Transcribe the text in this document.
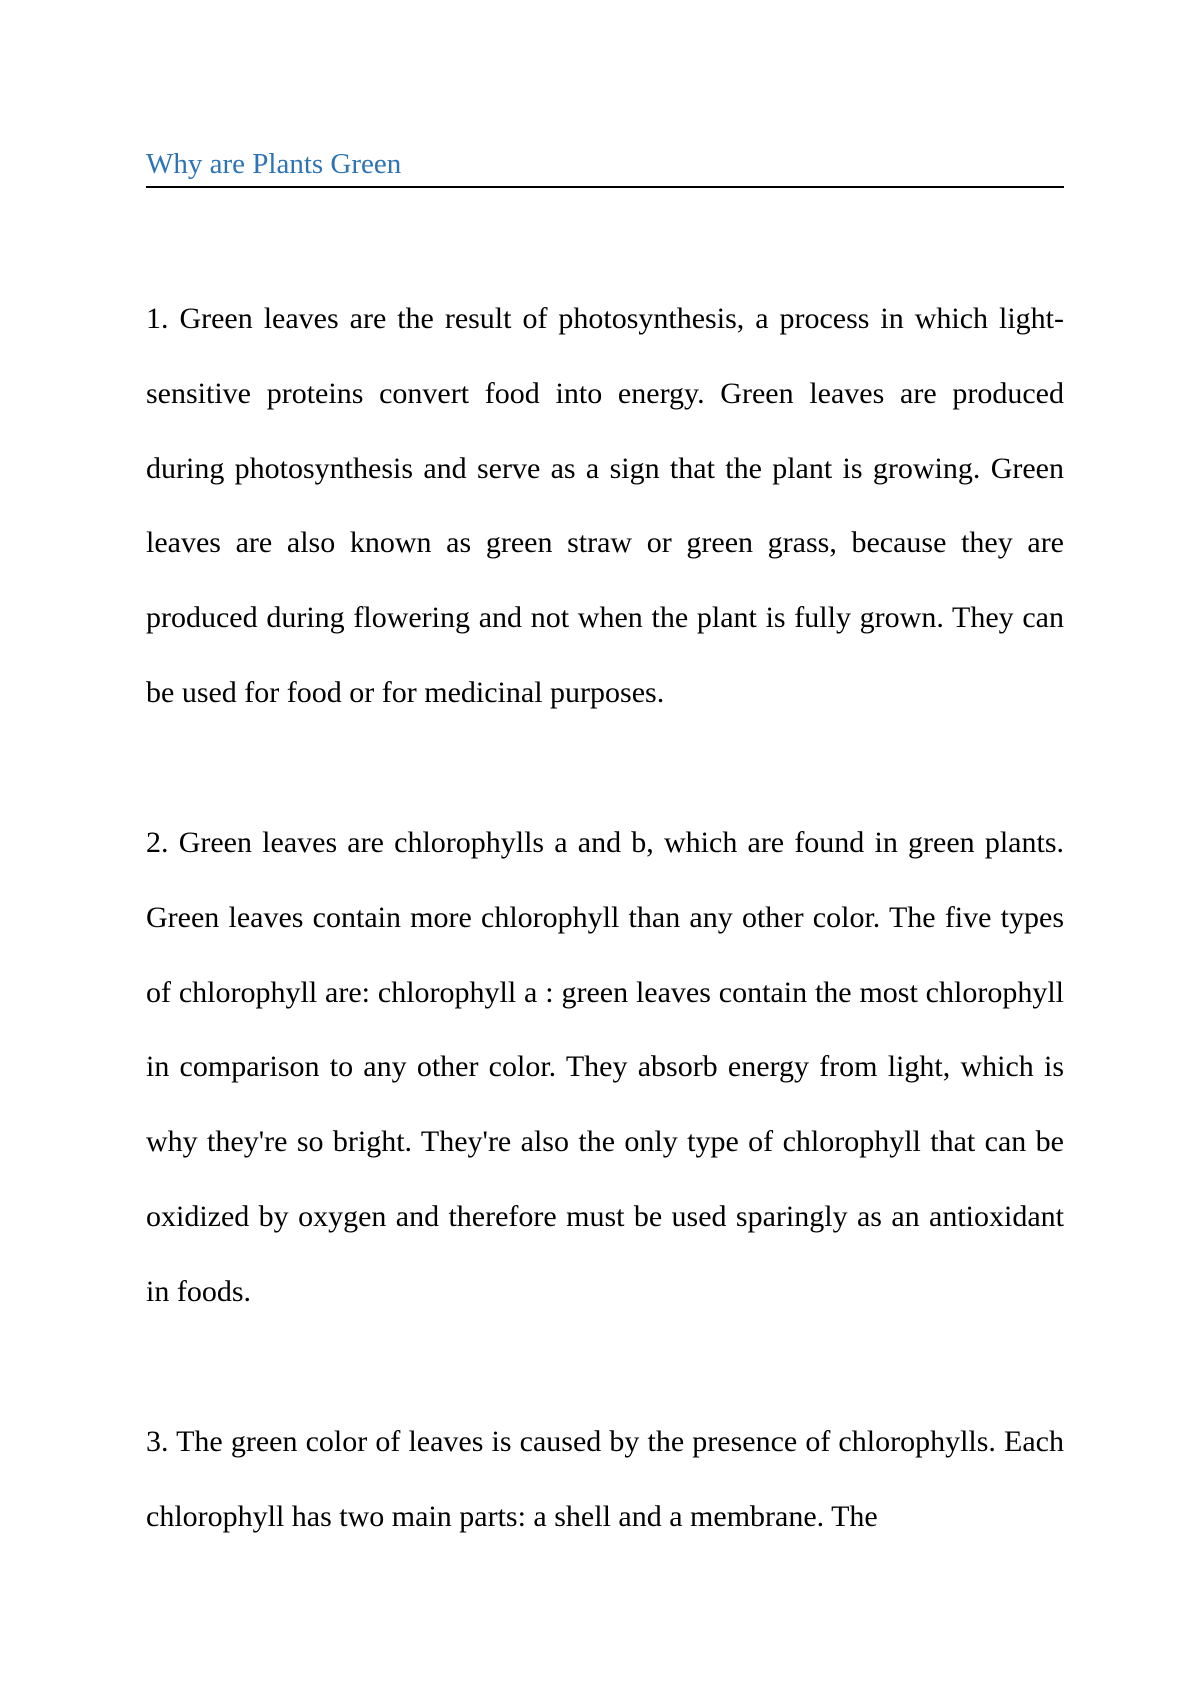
Why are Plants Green

1. Green leaves are the result of photosynthesis, a process in which light-sensitive proteins convert food into energy. Green leaves are produced during photosynthesis and serve as a sign that the plant is growing. Green leaves are also known as green straw or green grass, because they are produced during flowering and not when the plant is fully grown. They can be used for food or for medicinal purposes.

2. Green leaves are chlorophylls a and b, which are found in green plants. Green leaves contain more chlorophyll than any other color. The five types of chlorophyll are: chlorophyll a : green leaves contain the most chlorophyll in comparison to any other color. They absorb energy from light, which is why they're so bright. They're also the only type of chlorophyll that can be oxidized by oxygen and therefore must be used sparingly as an antioxidant in foods.

3. The green color of leaves is caused by the presence of chlorophylls. Each chlorophyll has two main parts: a shell and a membrane. The
